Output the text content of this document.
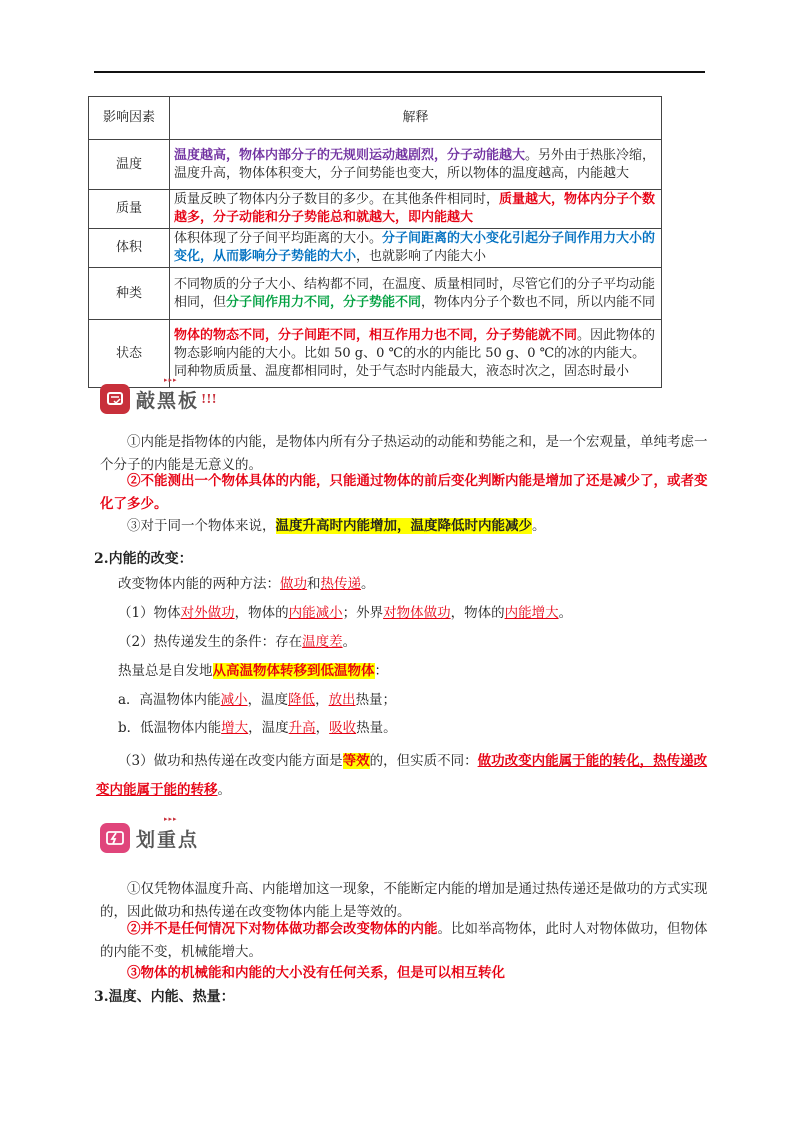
影响因素	解释
温度	温度越高，物体内部分子的无规则运动越剧烈，分子动能越大。另外由于热胀冷缩，温度升高，物体体积变大，分子间势能也变大，所以物体的温度越高，内能越大
质量	质量反映了物体内分子数目的多少。在其他条件相同时，质量越大，物体内分子个数越多，分子动能和分子势能总和就越大，即内能越大
体积	体积体现了分子间平均距离的大小。分子间距离的大小变化引起分子间作用力大小的变化，从而影响分子势能的大小，也就影响了内能大小
种类	不同物质的分子大小、结构都不同，在温度、质量相同时，尽管它们的分子平均动能相同，但分子间作用力不同，分子势能不同，物体内分子个数也不同，所以内能不同
状态	物体的物态不同，分子间距不同，相互作用力也不同，分子势能就不同。因此物体的物态影响内能的大小。比如 50 g、0 ℃的水的内能比 50 g、0 ℃的冰的内能大。同种物质质量、温度都相同时，处于气态时内能最大，液态时次之，固态时最小
▸▸▸
敲黑板 !!!
①内能是指物体的内能，是物体内所有分子热运动的动能和势能之和，是一个宏观量，单纯考虑一个分子的内能是无意义的。
②不能测出一个物体具体的内能，只能通过物体的前后变化判断内能是增加了还是减少了，或者变化了多少。
③对于同一个物体来说，温度升高时内能增加，温度降低时内能减少。
2.内能的改变：
改变物体内能的两种方法：做功和热传递。
（1）物体对外做功，物体的内能减小；外界对物体做功，物体的内能增大。
（2）热传递发生的条件：存在温度差。
热量总是自发地从高温物体转移到低温物体：
a．高温物体内能减小，温度降低，放出热量；
b．低温物体内能增大，温度升高，吸收热量。
（3）做功和热传递在改变内能方面是等效的，但实质不同：做功改变内能属于能的转化，热传递改变内能属于能的转移。
▸▸▸
划重点
①仅凭物体温度升高、内能增加这一现象，不能断定内能的增加是通过热传递还是做功的方式实现的，因此做功和热传递在改变物体内能上是等效的。
②并不是任何情况下对物体做功都会改变物体的内能。比如举高物体，此时人对物体做功，但物体的内能不变，机械能增大。
③物体的机械能和内能的大小没有任何关系，但是可以相互转化
3.温度、内能、热量：
